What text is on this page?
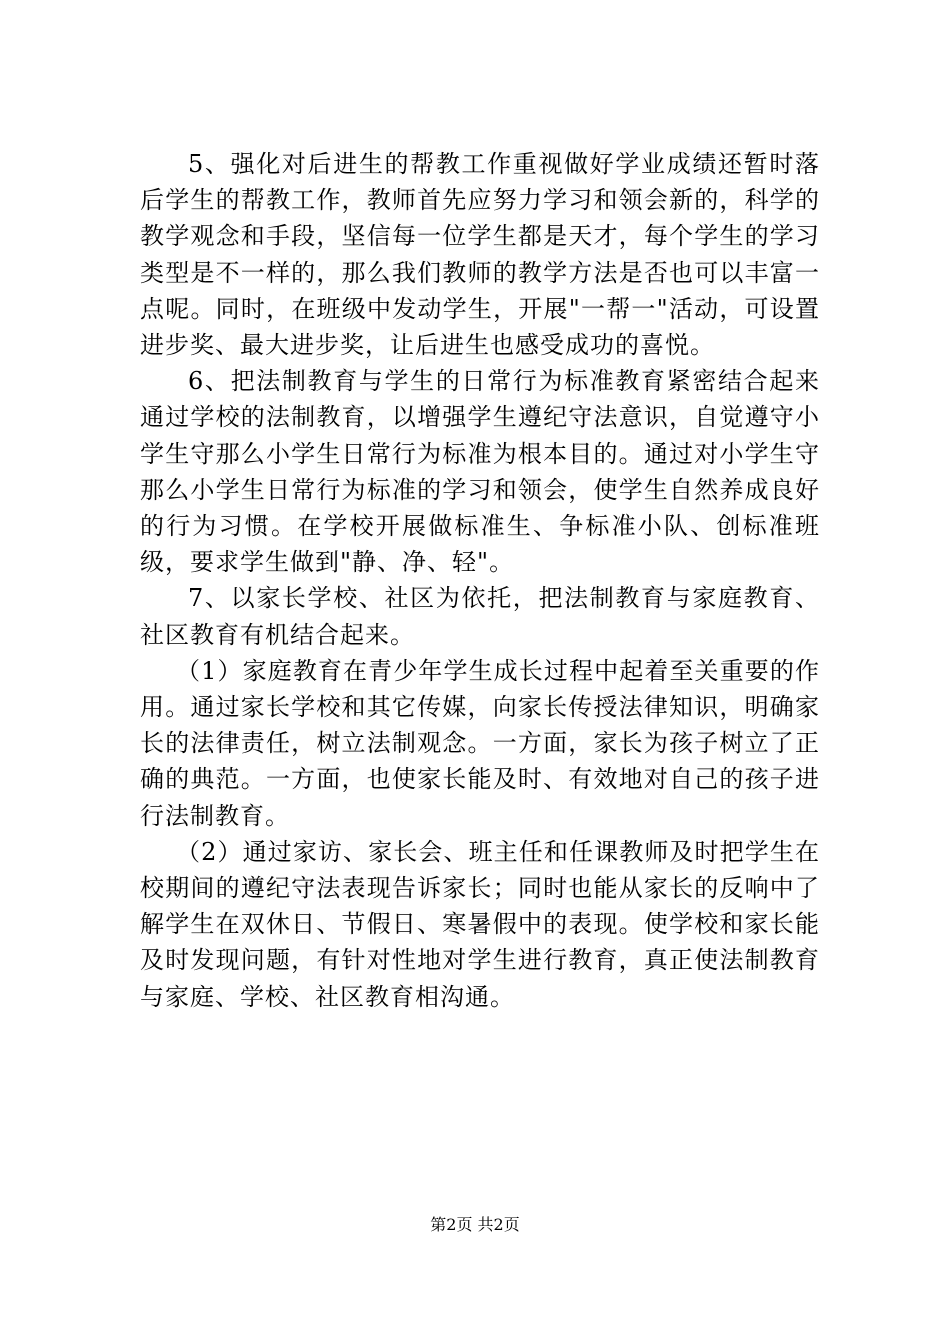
5、强化对后进生的帮教工作重视做好学业成绩还暂时落后学生的帮教工作，教师首先应努力学习和领会新的，科学的教学观念和手段，坚信每一位学生都是天才，每个学生的学习类型是不一样的，那么我们教师的教学方法是否也可以丰富一点呢。同时，在班级中发动学生，开展"一帮一"活动，可设置进步奖、最大进步奖，让后进生也感受成功的喜悦。

6、把法制教育与学生的日常行为标准教育紧密结合起来通过学校的法制教育，以增强学生遵纪守法意识，自觉遵守小学生守那么小学生日常行为标准为根本目的。通过对小学生守那么小学生日常行为标准的学习和领会，使学生自然养成良好的行为习惯。在学校开展做标准生、争标准小队、创标准班级，要求学生做到"静、净、轻"。

7、以家长学校、社区为依托，把法制教育与家庭教育、社区教育有机结合起来。

（1）家庭教育在青少年学生成长过程中起着至关重要的作用。通过家长学校和其它传媒，向家长传授法律知识，明确家长的法律责任，树立法制观念。一方面，家长为孩子树立了正确的典范。一方面，也使家长能及时、有效地对自己的孩子进行法制教育。

（2）通过家访、家长会、班主任和任课教师及时把学生在校期间的遵纪守法表现告诉家长；同时也能从家长的反响中了解学生在双休日、节假日、寒暑假中的表现。使学校和家长能及时发现问题，有针对性地对学生进行教育，真正使法制教育与家庭、学校、社区教育相沟通。

第2页 共2页
